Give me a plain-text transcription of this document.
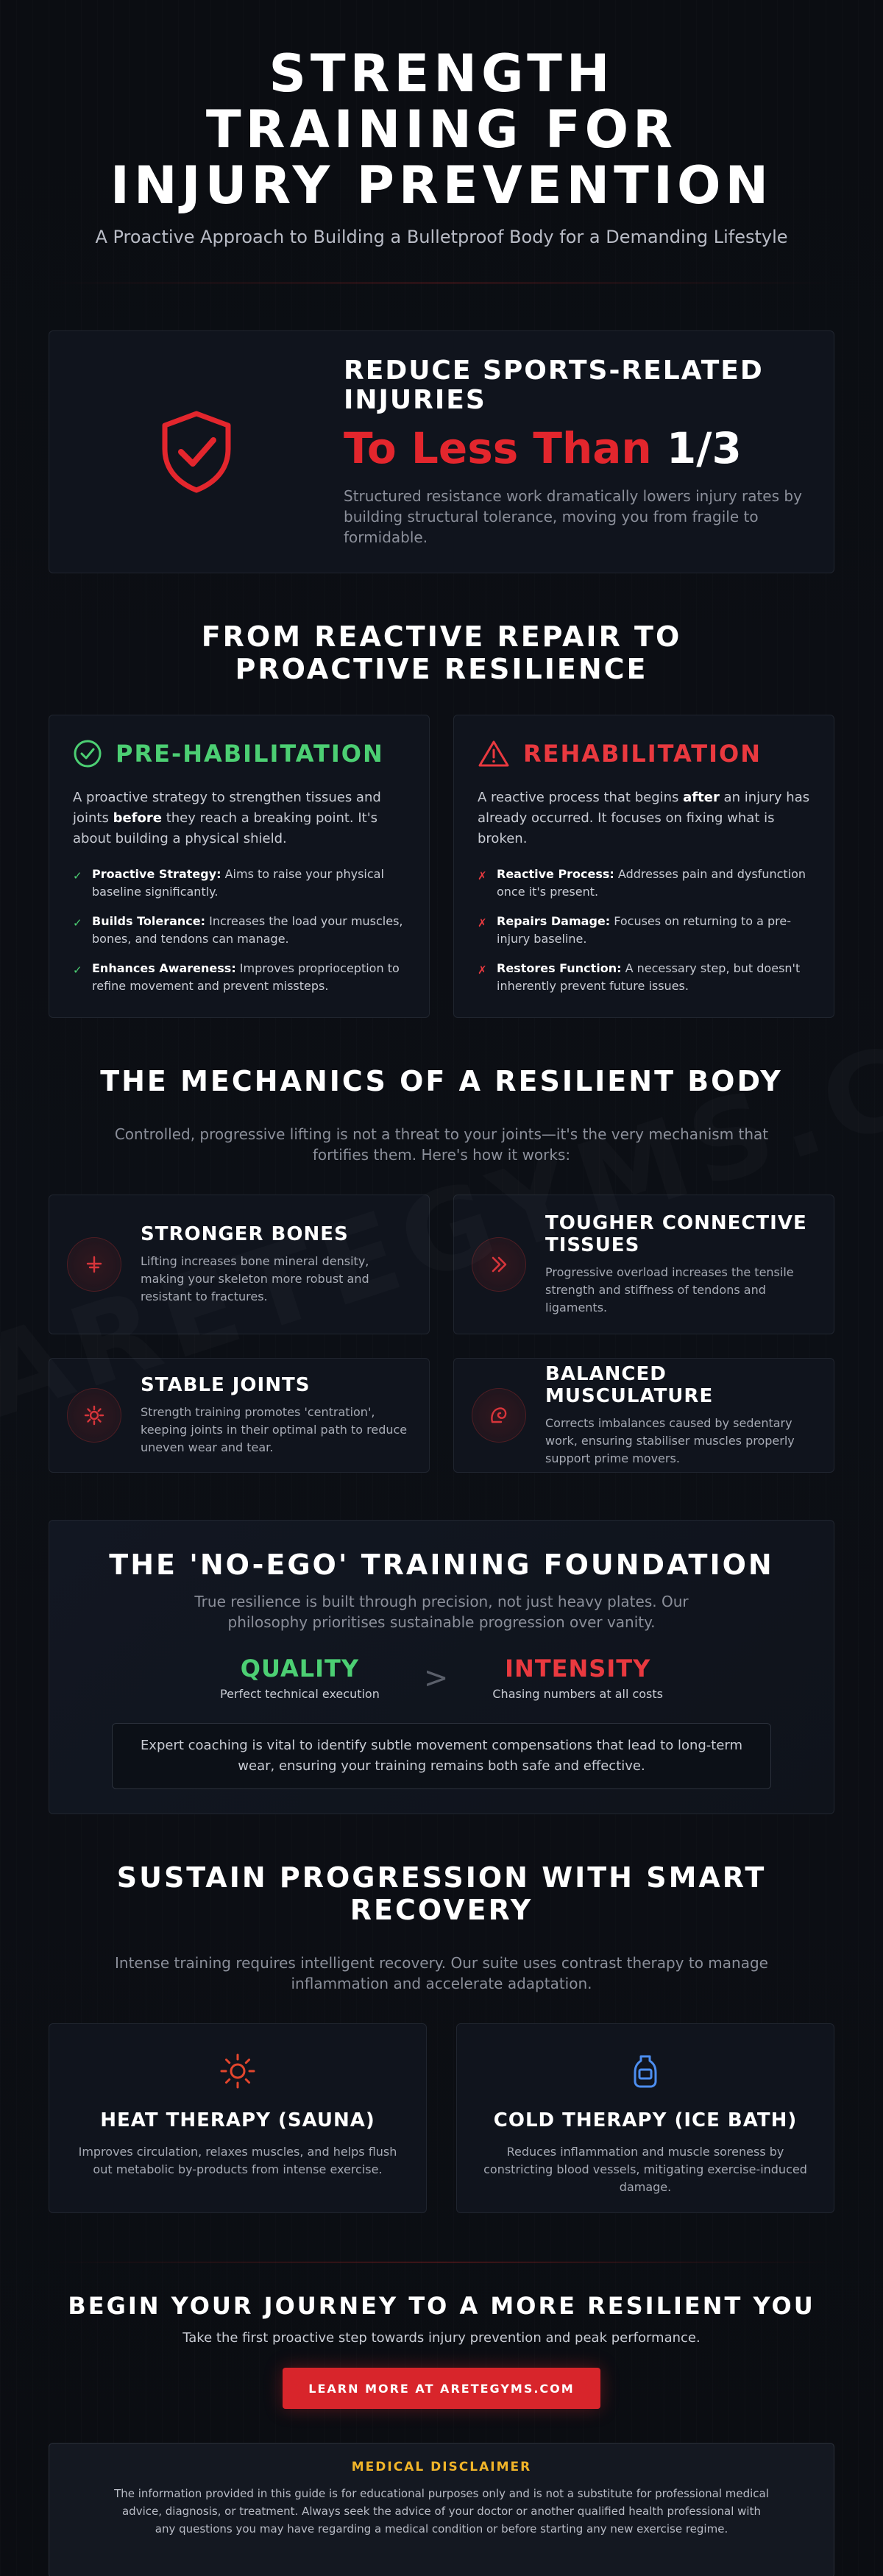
STRENGTH TRAINING FOR INJURY PREVENTION

A Proactive Approach to Building a Bulletproof Body for a Demanding Lifestyle

REDUCE SPORTS-RELATED INJURIES
To Less Than 1/3
Structured resistance work dramatically lowers injury rates by building structural tolerance, moving you from fragile to formidable.
FROM REACTIVE REPAIR TO PROACTIVE RESILIENCE
PRE-HABILITATION

A proactive strategy to strengthen tissues and joints before they reach a breaking point. It's about building a physical shield.

✓ Proactive Strategy: Aims to raise your physical baseline significantly.
✓ Builds Tolerance: Increases the load your muscles, bones, and tendons can manage.
✓ Enhances Awareness: Improves proprioception to refine movement and prevent missteps.
REHABILITATION

A reactive process that begins after an injury has already occurred. It focuses on fixing what is broken.

✗ Reactive Process: Addresses pain and dysfunction once it's present.
✗ Repairs Damage: Focuses on returning to a pre-injury baseline.
✗ Restores Function: A necessary step, but doesn't inherently prevent future issues.
THE MECHANICS OF A RESILIENT BODY

Controlled, progressive lifting is not a threat to your joints—it's the very mechanism that fortifies them. Here's how it works:

STRONGER BONES
Lifting increases bone mineral density, making your skeleton more robust and resistant to fractures.
TOUGHER CONNECTIVE TISSUES
Progressive overload increases the tensile strength and stiffness of tendons and ligaments.
STABLE JOINTS
Strength training promotes 'centration', keeping joints in their optimal path to reduce uneven wear and tear.
BALANCED MUSCULATURE
Corrects imbalances caused by sedentary work, ensuring stabiliser muscles properly support prime movers.
THE 'NO-EGO' TRAINING FOUNDATION

True resilience is built through precision, not just heavy plates. Our philosophy prioritises sustainable progression over vanity.

QUALITY
Perfect technical execution >	INTENSITY
Chasing numbers at all costs
Expert coaching is vital to identify subtle movement compensations that lead to long-term wear, ensuring your training remains both safe and effective.
SUSTAIN PROGRESSION WITH SMART RECOVERY

Intense training requires intelligent recovery. Our suite uses contrast therapy to manage inflammation and accelerate adaptation.

HEAT THERAPY (SAUNA)

Improves circulation, relaxes muscles, and helps flush out metabolic by-products from intense exercise.

COLD THERAPY (ICE BATH)

Reduces inflammation and muscle soreness by constricting blood vessels, mitigating exercise-induced damage.

BEGIN YOUR JOURNEY TO A MORE RESILIENT YOU

Take the first proactive step towards injury prevention and peak performance.

LEARN MORE AT ARETEGYMS.COM
MEDICAL DISCLAIMER

The information provided in this guide is for educational purposes only and is not a substitute for professional medical advice, diagnosis, or treatment. Always seek the advice of your doctor or another qualified health professional with any questions you may have regarding a medical condition or before starting any new exercise regime.
